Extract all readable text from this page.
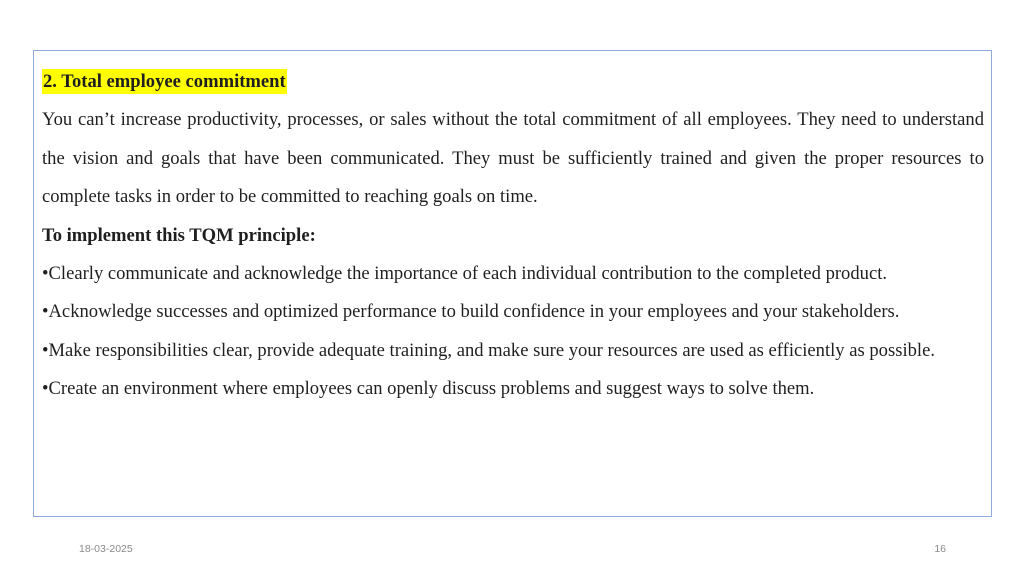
2. Total employee commitment

You can’t increase productivity, processes, or sales without the total commitment of all employees. They need to understand the vision and goals that have been communicated. They must be sufficiently trained and given the proper resources to complete tasks in order to be committed to reaching goals on time.

To implement this TQM principle:

•Clearly communicate and acknowledge the importance of each individual contribution to the completed product.

•Acknowledge successes and optimized performance to build confidence in your employees and your stakeholders.

•Make responsibilities clear, provide adequate training, and make sure your resources are used as efficiently as possible.

•Create an environment where employees can openly discuss problems and suggest ways to solve them.

18-03-2025	16
